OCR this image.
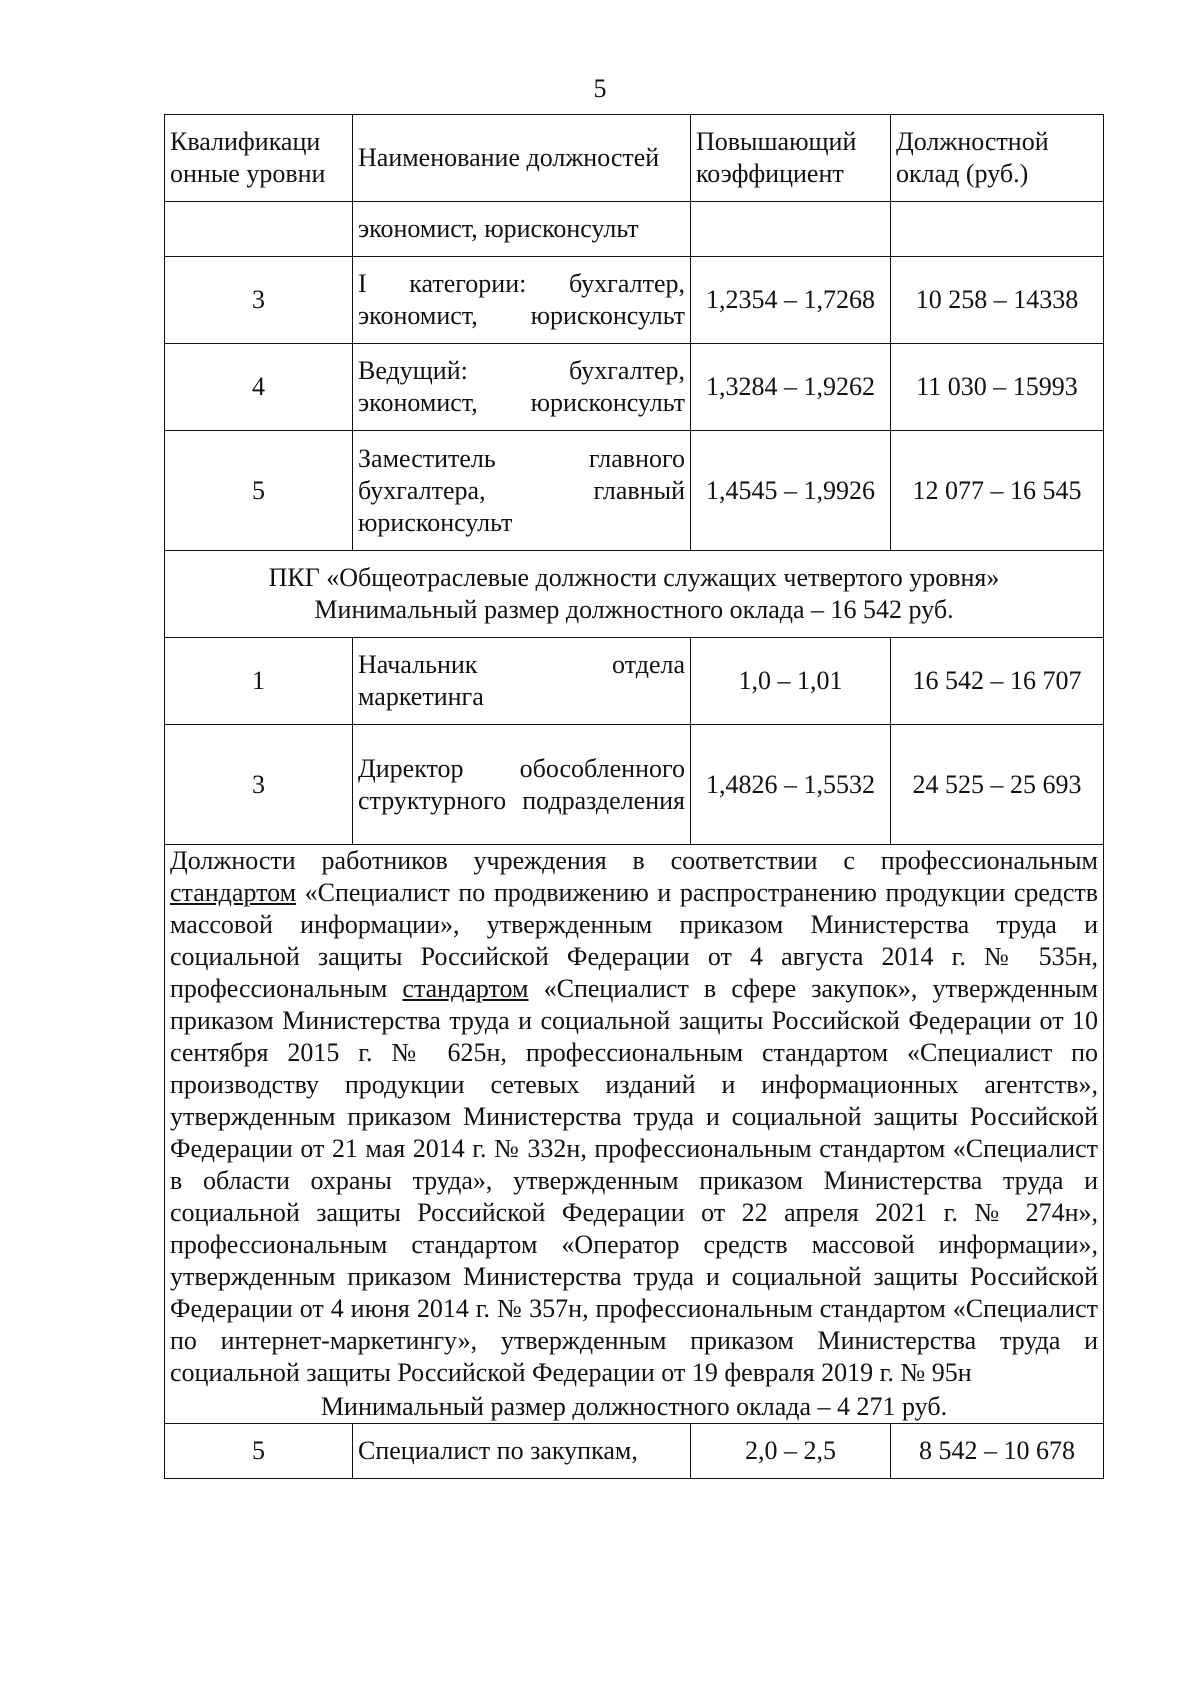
5
Квалификаци онные уровни	Наименование должностей	Повышающий коэффициент	Должностной оклад (руб.)
	экономист, юрисконсульт		
3	I категории: бухгалтер, экономист, юрисконсульт	1,2354 – 1,7268	10 258 – 14338
4	Ведущий: бухгалтер, экономист, юрисконсульт	1,3284 – 1,9262	11 030 – 15993
5	Заместитель главного бухгалтера, главный юрисконсульт	1,4545 – 1,9926	12 077 – 16 545

ПКГ «Общеотраслевые должности служащих четвертого уровня»
Минимальный размер должностного оклада – 16 542 руб.			

1	Начальник отдела маркетинга	1,0 – 1,01	16 542 – 16 707
3	Директор обособленного структурного подразделения	1,4826 – 1,5532	24 525 – 25 693

Должности работников учреждения в соответствии с профессиональным стандартом «Специалист по продвижению и распространению продукции средств массовой информации», утвержденным приказом Министерства труда и социальной защиты Российской Федерации от 4 августа 2014 г. № 535н, профессиональным стандартом «Специалист в сфере закупок», утвержденным приказом Министерства труда и социальной защиты Российской Федерации от 10 сентября 2015 г. № 625н, профессиональным стандартом «Специалист по производству продукции сетевых изданий и информационных агентств», утвержденным приказом Министерства труда и социальной защиты Российской Федерации от 21 мая 2014 г. № 332н, профессиональным стандартом «Специалист в области охраны труда», утвержденным приказом Министерства труда и социальной защиты Российской Федерации от 22 апреля 2021 г. № 274н», профессиональным стандартом «Оператор средств массовой информации», утвержденным приказом Министерства труда и социальной защиты Российской Федерации от 4 июня 2014 г. № 357н, профессиональным стандартом «Специалист по интернет-маркетингу», утвержденным приказом Министерства труда и социальной защиты Российской Федерации от 19 февраля 2019 г. № 95н
Минимальный размер должностного оклада – 4 271 руб.			

5	Специалист по закупкам,	2,0 – 2,5	8 542 – 10 678
